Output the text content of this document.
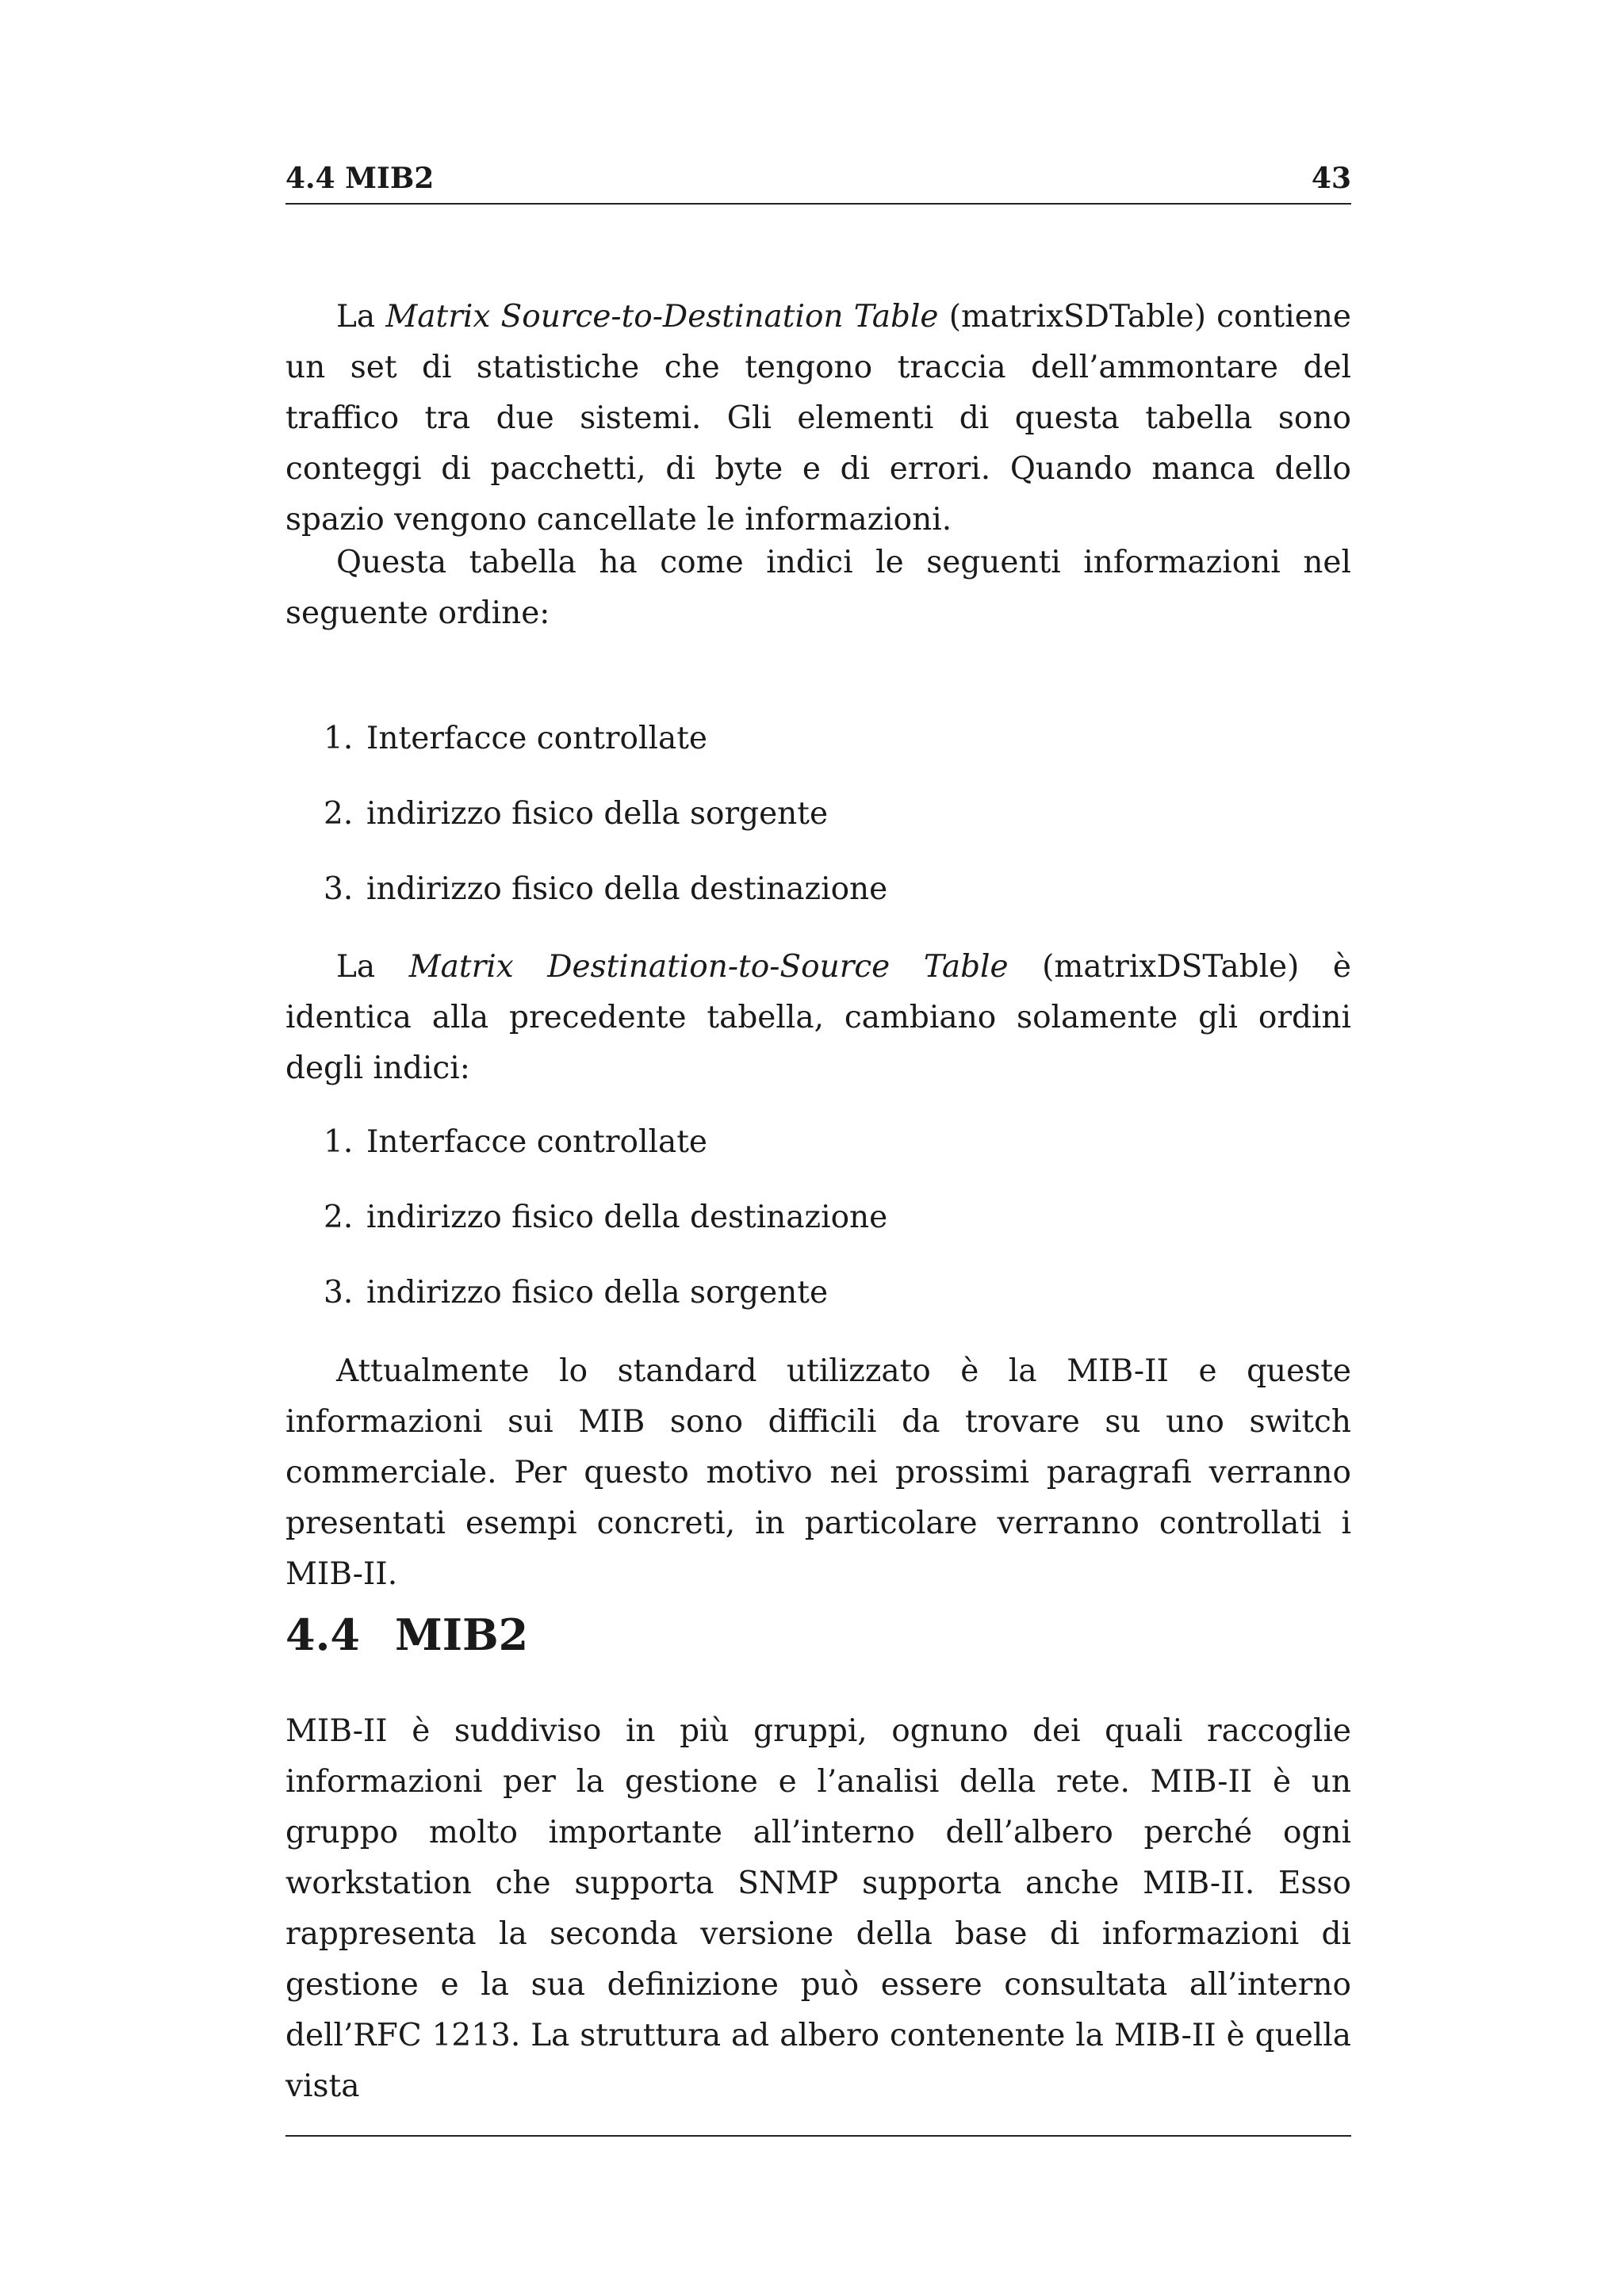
4.4 MIB2	43

La Matrix Source-to-Destination Table (matrixSDTable) contiene un set di statistiche che tengono traccia dell’ammontare del traffico tra due sistemi. Gli elementi di questa tabella sono conteggi di pacchetti, di byte e di errori. Quando manca dello spazio vengono cancellate le informazioni.

Questa tabella ha come indici le seguenti informazioni nel seguente ordine:

1. Interfacce controllate
2. indirizzo fisico della sorgente
3. indirizzo fisico della destinazione

La Matrix Destination-to-Source Table (matrixDSTable) è identica alla precedente tabella, cambiano solamente gli ordini degli indici:

1. Interfacce controllate
2. indirizzo fisico della destinazione
3. indirizzo fisico della sorgente

Attualmente lo standard utilizzato è la MIB-II e queste informazioni sui MIB sono difficili da trovare su uno switch commerciale. Per questo motivo nei prossimi paragrafi verranno presentati esempi concreti, in particolare verranno controllati i MIB-II.

4.4 MIB2

MIB-II è suddiviso in più gruppi, ognuno dei quali raccoglie informazioni per la gestione e l’analisi della rete. MIB-II è un gruppo molto importante all’interno dell’albero perché ogni workstation che supporta SNMP supporta anche MIB-II. Esso rappresenta la seconda versione della base di informazioni di gestione e la sua definizione può essere consultata all’interno dell’RFC 1213. La struttura ad albero contenente la MIB-II è quella vista
